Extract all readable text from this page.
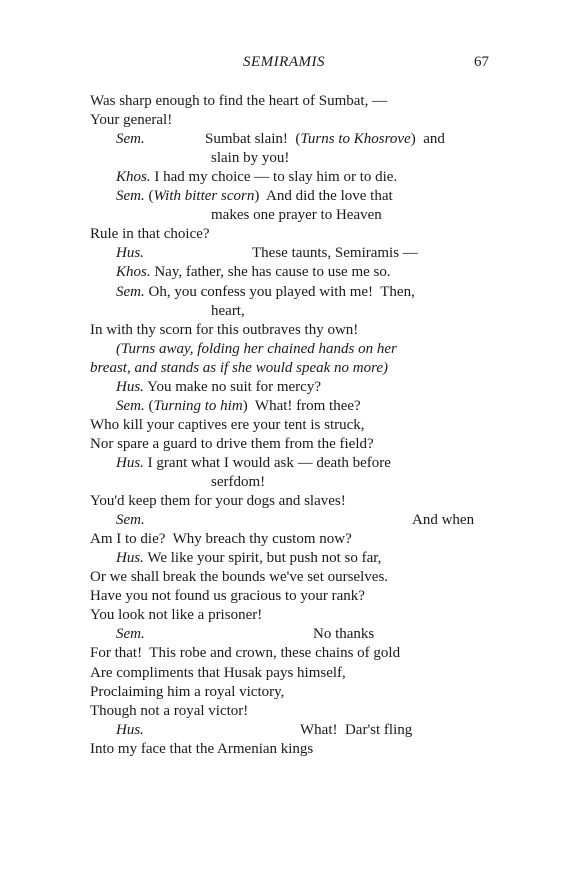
SEMIRAMIS	67
Was sharp enough to find the heart of Sumbat, —
Your general!
Sem.	Sumbat slain!  (Turns to Khosrove)  and
slain by you!
Khos. I had my choice — to slay him or to die.
Sem. (With bitter scorn)  And did the love that
makes one prayer to Heaven
Rule in that choice?
Hus.	These taunts, Semiramis —
Khos. Nay, father, she has cause to use me so.
Sem. Oh, you confess you played with me!  Then,
heart,
In with thy scorn for this outbraves thy own!
(Turns away, folding her chained hands on her
breast, and stands as if she would speak no more)
Hus. You make no suit for mercy?
Sem. (Turning to him)  What! from thee?
Who kill your captives ere your tent is struck,
Nor spare a guard to drive them from the field?
Hus. I grant what I would ask — death before
serfdom!
You'd keep them for your dogs and slaves!
Sem.	And when
Am I to die?  Why breach thy custom now?
Hus. We like your spirit, but push not so far,
Or we shall break the bounds we've set ourselves.
Have you not found us gracious to your rank?
You look not like a prisoner!
Sem.	No thanks
For that!  This robe and crown, these chains of gold
Are compliments that Husak pays himself,
Proclaiming him a royal victory,
Though not a royal victor!
Hus.	What!  Dar'st fling
Into my face that the Armenian kings
